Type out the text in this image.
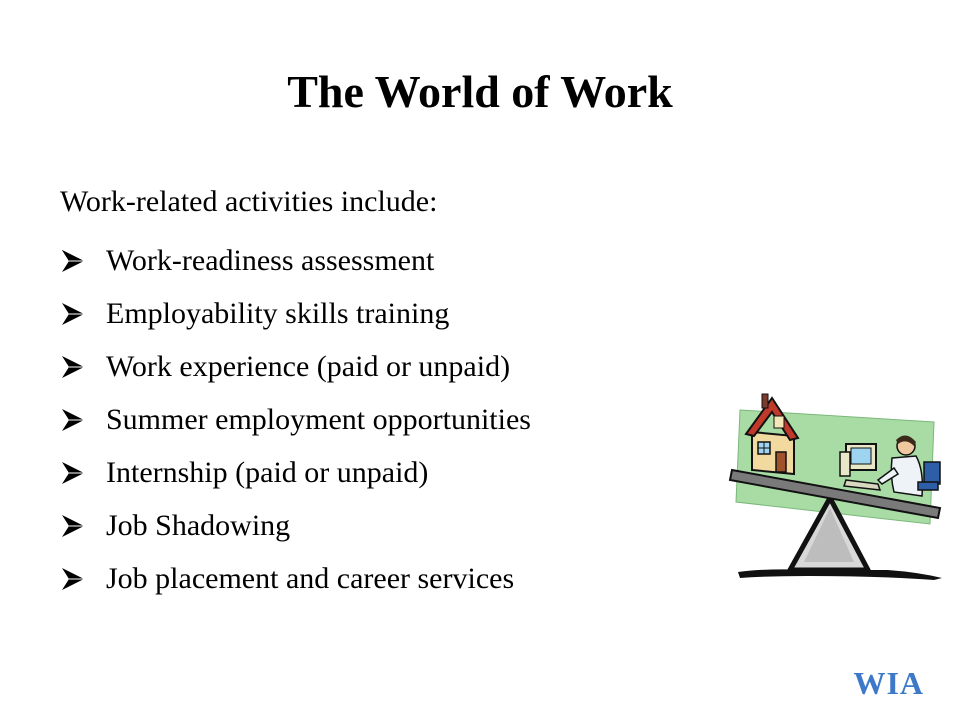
The World of Work

Work-related activities include:

Work-readiness assessment
Employability skills training
Work experience (paid or unpaid)
Summer employment opportunities
Internship (paid or unpaid)
Job Shadowing
Job placement and career services

WIA
